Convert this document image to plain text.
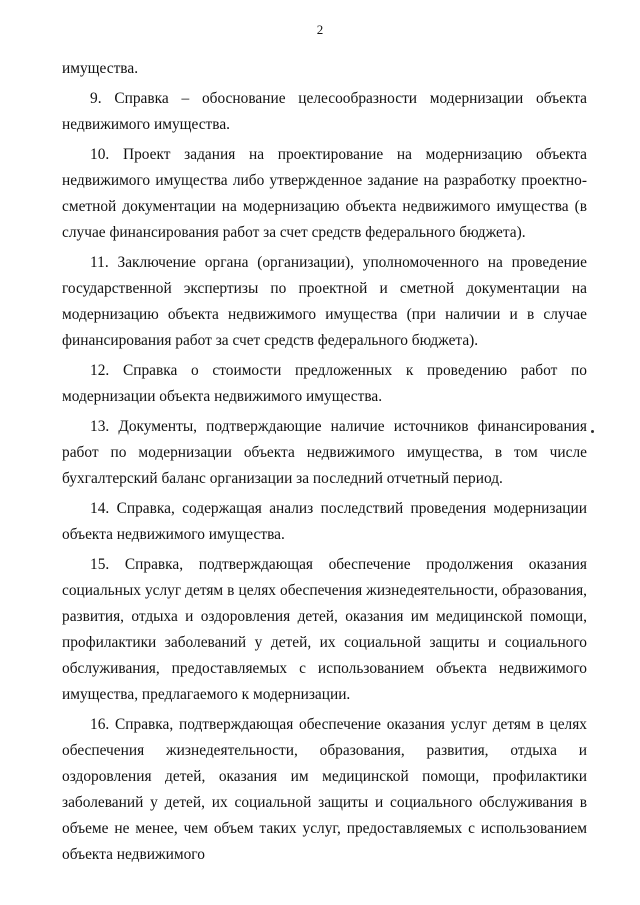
2

имущества.

9. Справка – обоснование целесообразности модернизации объекта недвижимого имущества.

10. Проект задания на проектирование на модернизацию объекта недвижимого имущества либо утвержденное задание на разработку проектно-сметной документации на модернизацию объекта недвижимого имущества (в случае финансирования работ за счет средств федерального бюджета).

11. Заключение органа (организации), уполномоченного на проведение государственной экспертизы по проектной и сметной документации на модернизацию объекта недвижимого имущества (при наличии и в случае финансирования работ за счет средств федерального бюджета).

12. Справка о стоимости предложенных к проведению работ по модернизации объекта недвижимого имущества.

13. Документы, подтверждающие наличие источников финансирования работ по модернизации объекта недвижимого имущества, в том числе бухгалтерский баланс организации за последний отчетный период.

14. Справка, содержащая анализ последствий проведения модернизации объекта недвижимого имущества.

15. Справка, подтверждающая обеспечение продолжения оказания социальных услуг детям в целях обеспечения жизнедеятельности, образования, развития, отдыха и оздоровления детей, оказания им медицинской помощи, профилактики заболеваний у детей, их социальной защиты и социального обслуживания, предоставляемых с использованием объекта недвижимого имущества, предлагаемого к модернизации.

16. Справка, подтверждающая обеспечение оказания услуг детям в целях обеспечения жизнедеятельности, образования, развития, отдыха и оздоровления детей, оказания им медицинской помощи, профилактики заболеваний у детей, их социальной защиты и социального обслуживания в объеме не менее, чем объем таких услуг, предоставляемых с использованием объекта недвижимого
